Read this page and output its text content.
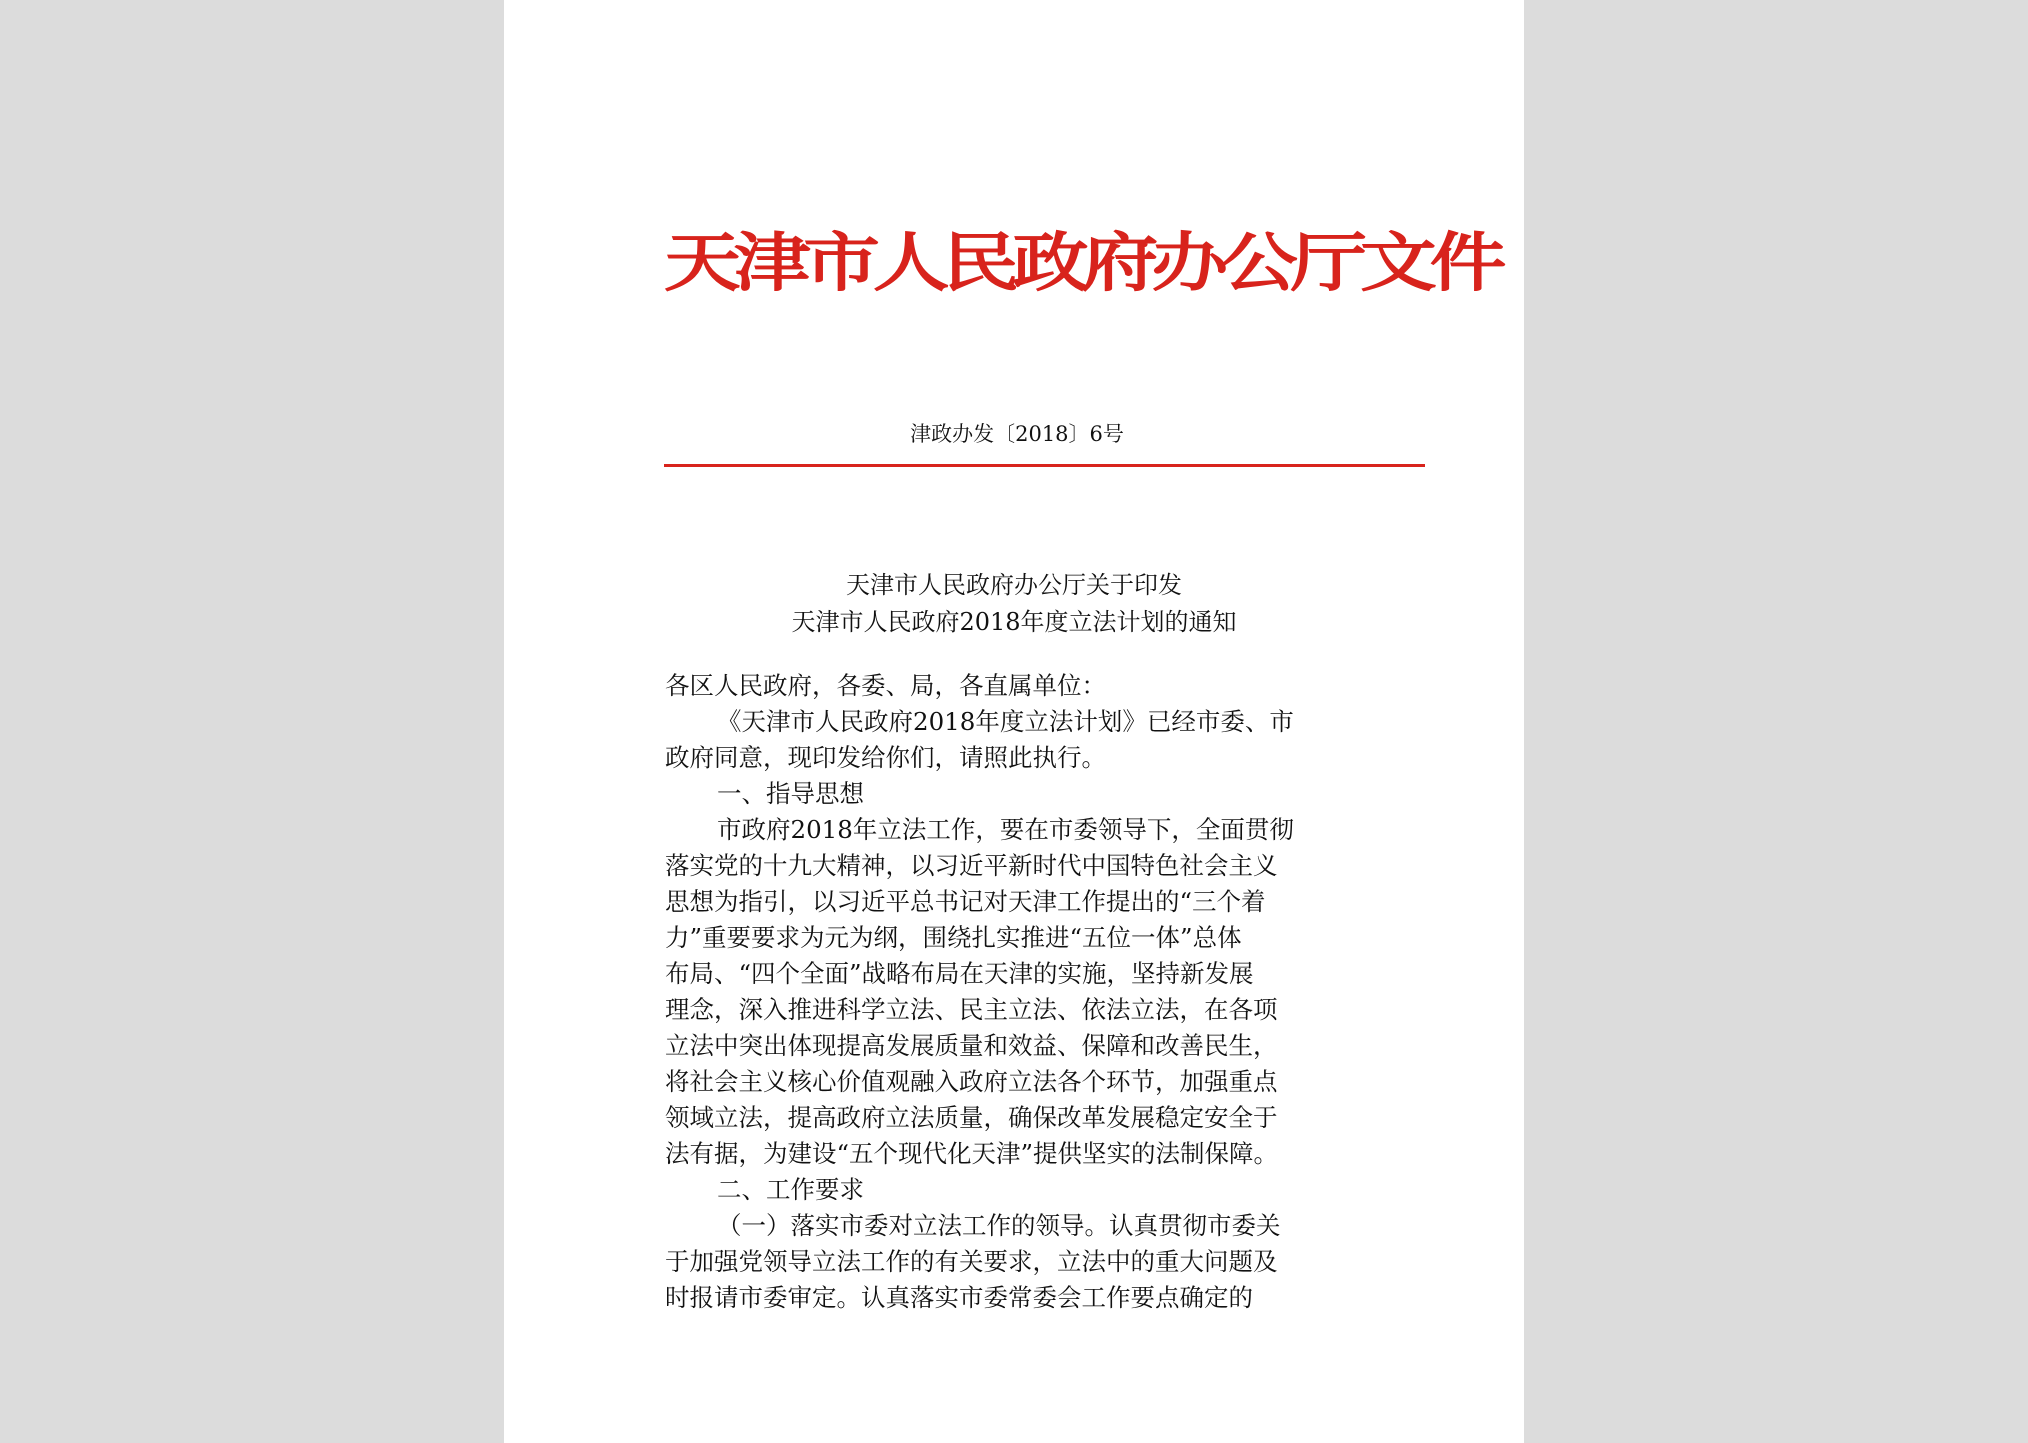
天津市人民政府办公厅文件
津政办发〔2018〕6号
天津市人民政府办公厅关于印发
天津市人民政府2018年度立法计划的通知
各区人民政府，各委、局，各直属单位：
《天津市人民政府2018年度立法计划》已经市委、市
政府同意，现印发给你们，请照此执行。
一、指导思想
市政府2018年立法工作，要在市委领导下，全面贯彻
落实党的十九大精神，以习近平新时代中国特色社会主义
思想为指引，以习近平总书记对天津工作提出的“三个着
力”重要要求为元为纲，围绕扎实推进“五位一体”总体
布局、“四个全面”战略布局在天津的实施，坚持新发展
理念，深入推进科学立法、民主立法、依法立法，在各项
立法中突出体现提高发展质量和效益、保障和改善民生，
将社会主义核心价值观融入政府立法各个环节，加强重点
领域立法，提高政府立法质量，确保改革发展稳定安全于
法有据，为建设“五个现代化天津”提供坚实的法制保障。
二、工作要求
（一）落实市委对立法工作的领导。认真贯彻市委关
于加强党领导立法工作的有关要求，立法中的重大问题及
时报请市委审定。认真落实市委常委会工作要点确定的
